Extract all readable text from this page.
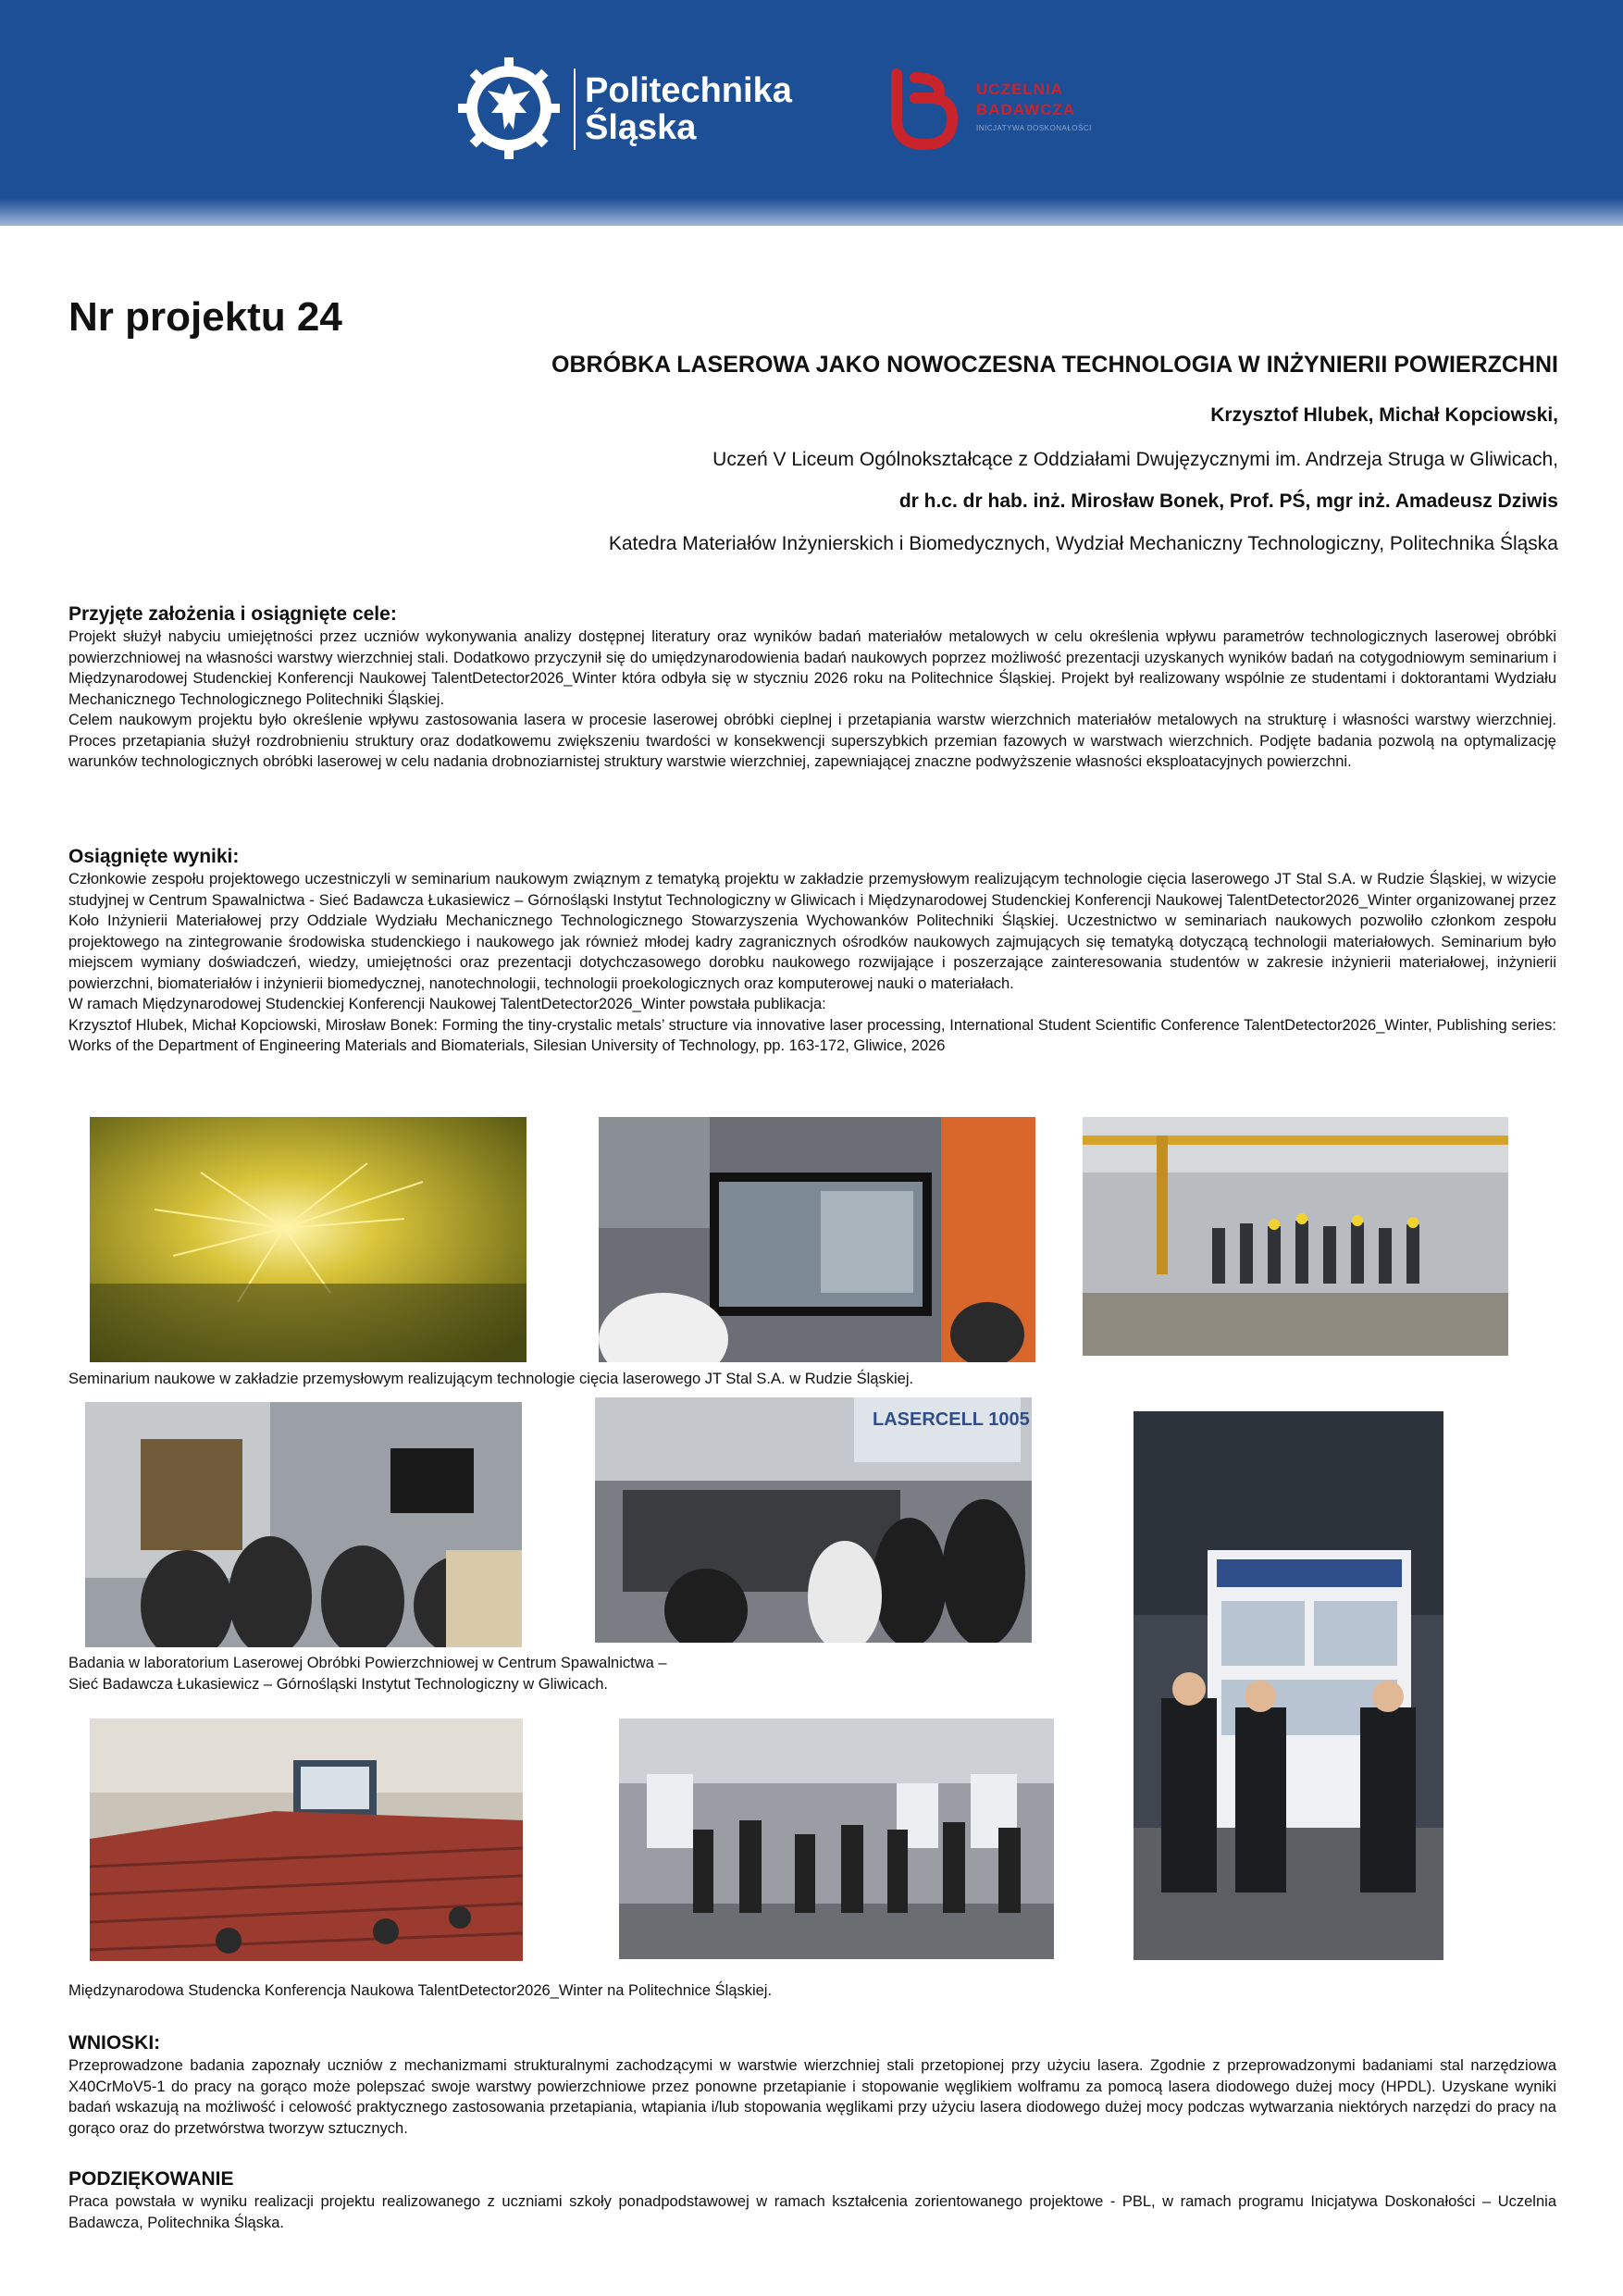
Politechnika
Śląska
UCZELNIA
BADAWCZA
INICJATYWA DOSKONAŁOŚCI
Nr projektu 24

OBRÓBKA LASEROWA JAKO NOWOCZESNA TECHNOLOGIA W INŻYNIERII POWIERZCHNI

Krzysztof Hlubek, Michał Kopciowski,

Uczeń V Liceum Ogólnokształcące z Oddziałami Dwujęzycznymi im. Andrzeja Struga w Gliwicach,

dr h.c. dr hab. inż. Mirosław Bonek, Prof. PŚ, mgr inż. Amadeusz Dziwis

Katedra Materiałów Inżynierskich i Biomedycznych, Wydział Mechaniczny Technologiczny, Politechnika Śląska

Przyjęte założenia i osiągnięte cele:

Projekt służył nabyciu umiejętności przez uczniów wykonywania analizy dostępnej literatury oraz wyników badań materiałów metalowych w celu określenia wpływu parametrów technologicznych laserowej obróbki powierzchniowej na własności warstwy wierzchniej stali. Dodatkowo przyczynił się do umiędzynarodowienia badań naukowych poprzez możliwość prezentacji uzyskanych wyników badań na cotygodniowym seminarium i Międzynarodowej Studenckiej Konferencji Naukowej TalentDetector2026_Winter która odbyła się w styczniu 2026 roku na Politechnice Śląskiej. Projekt był realizowany wspólnie ze studentami i doktorantami Wydziału Mechanicznego Technologicznego Politechniki Śląskiej.

Celem naukowym projektu było określenie wpływu zastosowania lasera w procesie laserowej obróbki cieplnej i przetapiania warstw wierzchnich materiałów metalowych na strukturę i własności warstwy wierzchniej. Proces przetapiania służył rozdrobnieniu struktury oraz dodatkowemu zwiększeniu twardości w konsekwencji superszybkich przemian fazowych w warstwach wierzchnich. Podjęte badania pozwolą na optymalizację warunków technologicznych obróbki laserowej w celu nadania drobnoziarnistej struktury warstwie wierzchniej, zapewniającej znaczne podwyższenie własności eksploatacyjnych powierzchni.

Osiągnięte wyniki:

Członkowie zespołu projektowego uczestniczyli w seminarium naukowym związnym z tematyką projektu w zakładzie przemysłowym realizującym technologie cięcia laserowego JT Stal S.A. w Rudzie Śląskiej, w wizycie studyjnej w Centrum Spawalnictwa - Sieć Badawcza Łukasiewicz – Górnośląski Instytut Technologiczny w Gliwicach i Międzynarodowej Studenckiej Konferencji Naukowej TalentDetector2026_Winter organizowanej przez Koło Inżynierii Materiałowej przy Oddziale Wydziału Mechanicznego Technologicznego Stowarzyszenia Wychowanków Politechniki Śląskiej. Uczestnictwo w seminariach naukowych pozwoliło członkom zespołu projektowego na zintegrowanie środowiska studenckiego i naukowego jak również młodej kadry zagranicznych ośrodków naukowych zajmujących się tematyką dotyczącą technologii materiałowych. Seminarium było miejscem wymiany doświadczeń, wiedzy, umiejętności oraz prezentacji dotychczasowego dorobku naukowego rozwijające i poszerzające zainteresowania studentów w zakresie inżynierii materiałowej, inżynierii powierzchni, biomateriałów i inżynierii biomedycznej, nanotechnologii, technologii proekologicznych oraz komputerowej nauki o materiałach.

W ramach Międzynarodowej Studenckiej Konferencji Naukowej TalentDetector2026_Winter powstała publikacja:

Krzysztof Hlubek, Michał Kopciowski, Mirosław Bonek: Forming the tiny-crystalic metals’ structure via innovative laser processing, International Student Scientific Conference TalentDetector2026_Winter, Publishing series: Works of the Department of Engineering Materials and Biomaterials, Silesian University of Technology, pp. 163-172, Gliwice, 2026

Seminarium naukowe w zakładzie przemysłowym realizującym technologie cięcia laserowego JT Stal S.A. w Rudzie Śląskiej.

LASERCELL 1005

Badania w laboratorium Laserowej Obróbki Powierzchniowej w Centrum Spawalnictwa –
Sieć Badawcza Łukasiewicz – Górnośląski Instytut Technologiczny w Gliwicach.

Międzynarodowa Studencka Konferencja Naukowa TalentDetector2026_Winter na Politechnice Śląskiej.

WNIOSKI:

Przeprowadzone badania zapoznały uczniów z mechanizmami strukturalnymi zachodzącymi w warstwie wierzchniej stali przetopionej przy użyciu lasera. Zgodnie z przeprowadzonymi badaniami stal narzędziowa X40CrMoV5-1 do pracy na gorąco może polepszać swoje warstwy powierzchniowe przez ponowne przetapianie i stopowanie węglikiem wolframu za pomocą lasera diodowego dużej mocy (HPDL). Uzyskane wyniki badań wskazują na możliwość i celowość praktycznego zastosowania przetapiania, wtapiania i/lub stopowania węglikami przy użyciu lasera diodowego dużej mocy podczas wytwarzania niektórych narzędzi do pracy na gorąco oraz do przetwórstwa tworzyw sztucznych.

PODZIĘKOWANIE

Praca powstała w wyniku realizacji projektu realizowanego z uczniami szkoły ponadpodstawowej w ramach kształcenia zorientowanego projektowe - PBL, w ramach programu Inicjatywa Doskonałości – Uczelnia Badawcza, Politechnika Śląska.
